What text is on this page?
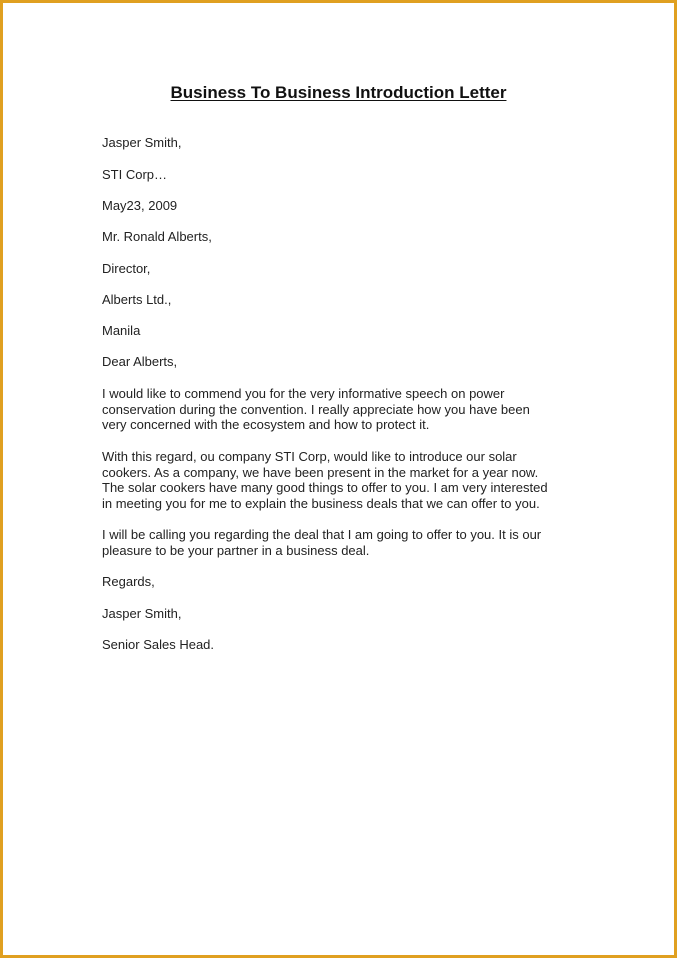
Business To Business Introduction Letter
Jasper Smith,
STI Corp…
May23, 2009
Mr. Ronald Alberts,
Director,
Alberts Ltd.,
Manila
Dear Alberts,
I would like to commend you for the very informative speech on power
conservation during the convention. I really appreciate how you have been
very concerned with the ecosystem and how to protect it.
With this regard, ou company STI Corp, would like to introduce our solar
cookers. As a company, we have been present in the market for a year now.
The solar cookers have many good things to offer to you. I am very interested
in meeting you for me to explain the business deals that we can offer to you.
I will be calling you regarding the deal that I am going to offer to you. It is our
pleasure to be your partner in a business deal.
Regards,
Jasper Smith,
Senior Sales Head.
